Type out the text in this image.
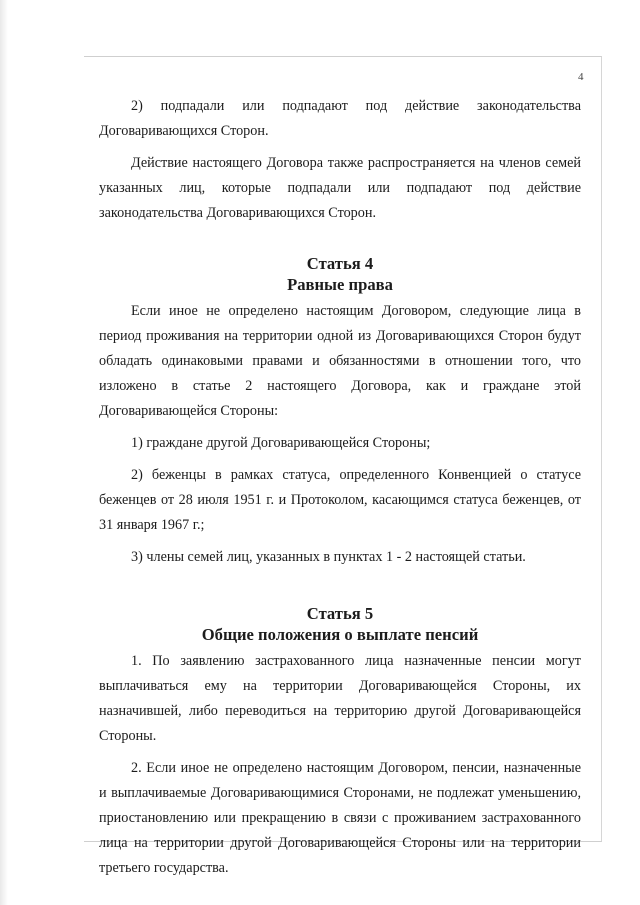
4

2) подпадали или подпадают под действие законодательства Договаривающихся Сторон.

Действие настоящего Договора также распространяется на членов семей указанных лиц, которые подпадали или подпадают под действие законодательства Договаривающихся Сторон.

Статья 4
Равные права

Если иное не определено настоящим Договором, следующие лица в период проживания на территории одной из Договаривающихся Сторон будут обладать одинаковыми правами и обязанностями в отношении того, что изложено в статье 2 настоящего Договора, как и граждане этой Договаривающейся Стороны:

1) граждане другой Договаривающейся Стороны;

2) беженцы в рамках статуса, определенного Конвенцией о статусе беженцев от 28 июля 1951 г. и Протоколом, касающимся статуса беженцев, от 31 января 1967 г.;

3) члены семей лиц, указанных в пунктах 1 - 2 настоящей статьи.

Статья 5
Общие положения о выплате пенсий

1. По заявлению застрахованного лица назначенные пенсии могут выплачиваться ему на территории Договаривающейся Стороны, их назначившей, либо переводиться на территорию другой Договаривающейся Стороны.

2. Если иное не определено настоящим Договором, пенсии, назначенные и выплачиваемые Договаривающимися Сторонами, не подлежат уменьшению, приостановлению или прекращению в связи с проживанием застрахованного лица на территории другой Договаривающейся Стороны или на территории третьего государства.
